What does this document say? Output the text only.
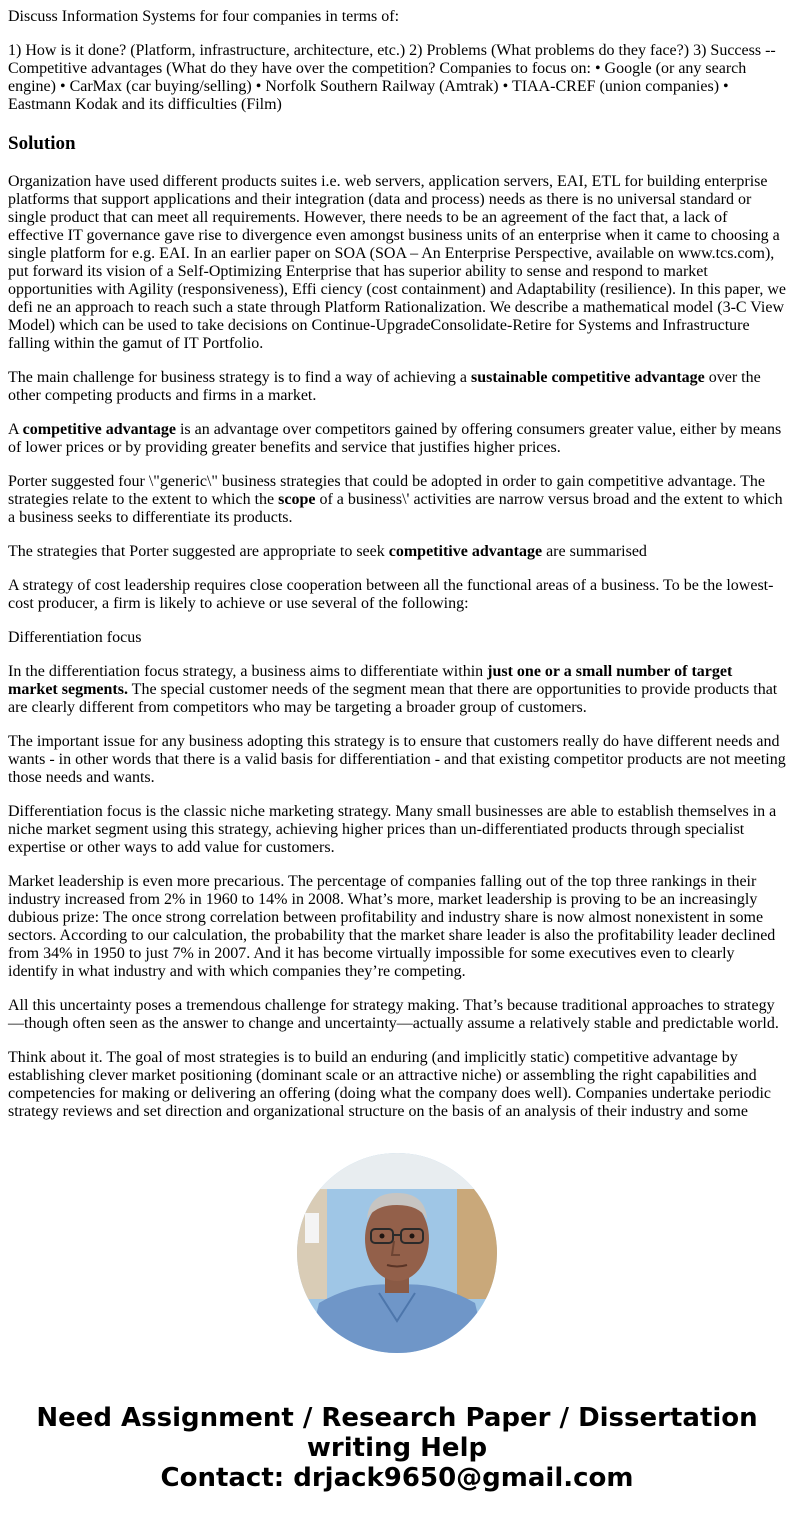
Discuss Information Systems for four companies in terms of:

1) How is it done? (Platform, infrastructure, architecture, etc.) 2) Problems (What problems do they face?) 3) Success -- Competitive advantages (What do they have over the competition? Companies to focus on: • Google (or any search engine) • CarMax (car buying/selling) • Norfolk Southern Railway (Amtrak) • TIAA-CREF (union companies) • Eastmann Kodak and its difficulties (Film)

Solution

Organization have used different products suites i.e. web servers, application servers, EAI, ETL for building enterprise platforms that support applications and their integration (data and process) needs as there is no universal standard or single product that can meet all requirements. However, there needs to be an agreement of the fact that, a lack of effective IT governance gave rise to divergence even amongst business units of an enterprise when it came to choosing a single platform for e.g. EAI. In an earlier paper on SOA (SOA – An Enterprise Perspective, available on www.tcs.com), put forward its vision of a Self-Optimizing Enterprise that has superior ability to sense and respond to market opportunities with Agility (responsiveness), Effi ciency (cost containment) and Adaptability (resilience). In this paper, we defi ne an approach to reach such a state through Platform Rationalization. We describe a mathematical model (3-C View Model) which can be used to take decisions on Continue-UpgradeConsolidate-Retire for Systems and Infrastructure falling within the gamut of IT Portfolio.

The main challenge for business strategy is to find a way of achieving a sustainable competitive advantage over the other competing products and firms in a market.

A competitive advantage is an advantage over competitors gained by offering consumers greater value, either by means of lower prices or by providing greater benefits and service that justifies higher prices.

Porter suggested four \"generic\" business strategies that could be adopted in order to gain competitive advantage. The strategies relate to the extent to which the scope of a business\' activities are narrow versus broad and the extent to which a business seeks to differentiate its products.

The strategies that Porter suggested are appropriate to seek competitive advantage are summarised

A strategy of cost leadership requires close cooperation between all the functional areas of a business. To be the lowest-cost producer, a firm is likely to achieve or use several of the following:

Differentiation focus

In the differentiation focus strategy, a business aims to differentiate within just one or a small number of target market segments. The special customer needs of the segment mean that there are opportunities to provide products that are clearly different from competitors who may be targeting a broader group of customers.

The important issue for any business adopting this strategy is to ensure that customers really do have different needs and wants - in other words that there is a valid basis for differentiation - and that existing competitor products are not meeting those needs and wants.

Differentiation focus is the classic niche marketing strategy. Many small businesses are able to establish themselves in a niche market segment using this strategy, achieving higher prices than un-differentiated products through specialist expertise or other ways to add value for customers.

Market leadership is even more precarious. The percentage of companies falling out of the top three rankings in their industry increased from 2% in 1960 to 14% in 2008. What’s more, market leadership is proving to be an increasingly dubious prize: The once strong correlation between profitability and industry share is now almost nonexistent in some sectors. According to our calculation, the probability that the market share leader is also the profitability leader declined from 34% in 1950 to just 7% in 2007. And it has become virtually impossible for some executives even to clearly identify in what industry and with which companies they’re competing.

All this uncertainty poses a tremendous challenge for strategy making. That’s because traditional approaches to strategy—though often seen as the answer to change and uncertainty—actually assume a relatively stable and predictable world.

Think about it. The goal of most strategies is to build an enduring (and implicitly static) competitive advantage by establishing clever market positioning (dominant scale or an attractive niche) or assembling the right capabilities and competencies for making or delivering an offering (doing what the company does well). Companies undertake periodic strategy reviews and set direction and organizational structure on the basis of an analysis of their industry and some

Need Assignment / Research Paper / Dissertation
writing Help
Contact: drjack9650@gmail.com
